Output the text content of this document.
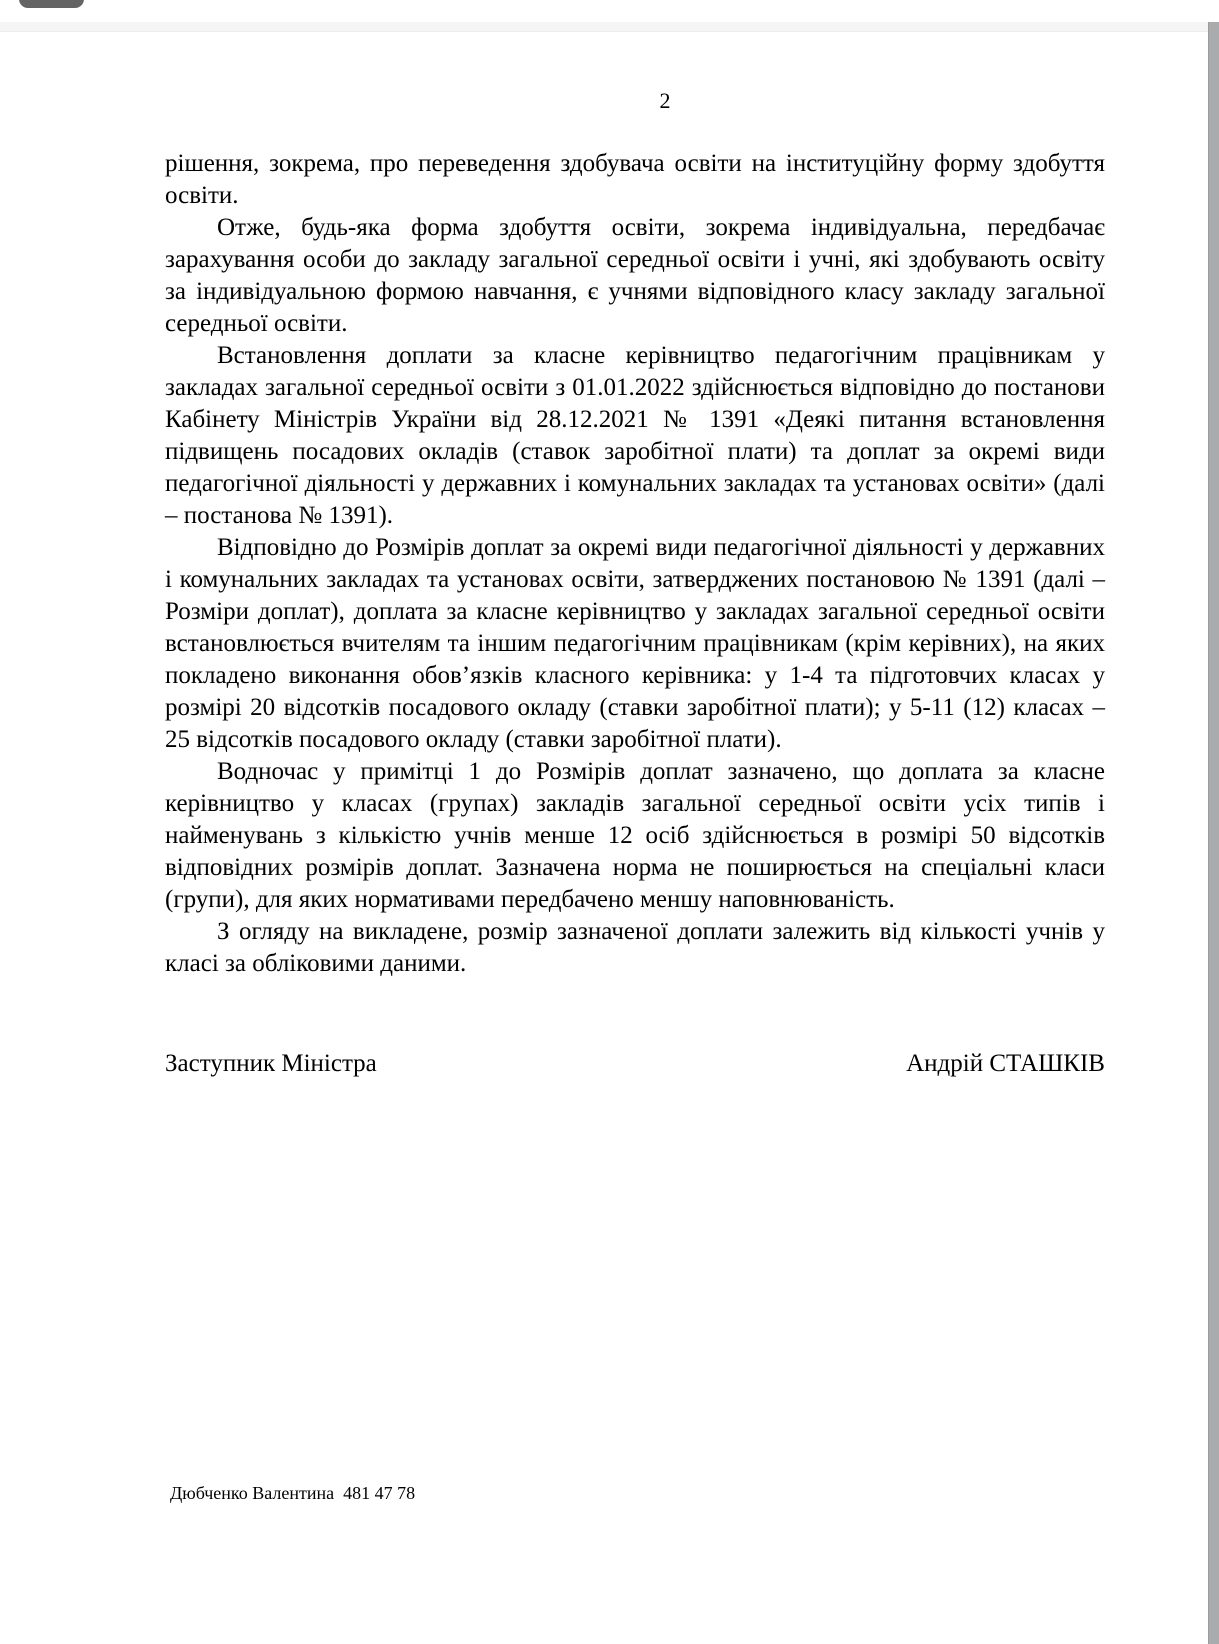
2

рішення, зокрема, про переведення здобувача освіти на інституційну форму здобуття освіти.

Отже, будь-яка форма здобуття освіти, зокрема індивідуальна, передбачає зарахування особи до закладу загальної середньої освіти і учні, які здобувають освіту за індивідуальною формою навчання, є учнями відповідного класу закладу загальної середньої освіти.

Встановлення доплати за класне керівництво педагогічним працівникам у закладах загальної середньої освіти з 01.01.2022 здійснюється відповідно до постанови Кабінету Міністрів України від 28.12.2021 № 1391 «Деякі питання встановлення підвищень посадових окладів (ставок заробітної плати) та доплат за окремі види педагогічної діяльності у державних і комунальних закладах та установах освіти» (далі – постанова № 1391).

Відповідно до Розмірів доплат за окремі види педагогічної діяльності у державних і комунальних закладах та установах освіти, затверджених постановою № 1391 (далі – Розміри доплат), доплата за класне керівництво у закладах загальної середньої освіти встановлюється вчителям та іншим педагогічним працівникам (крім керівних), на яких покладено виконання обов’язків класного керівника: у 1-4 та підготовчих класах у розмірі 20 відсотків посадового окладу (ставки заробітної плати); у 5-11 (12) класах – 25 відсотків посадового окладу (ставки заробітної плати).

Водночас у примітці 1 до Розмірів доплат зазначено, що доплата за класне керівництво у класах (групах) закладів загальної середньої освіти усіх типів і найменувань з кількістю учнів менше 12 осіб здійснюється в розмірі 50 відсотків відповідних розмірів доплат. Зазначена норма не поширюється на спеціальні класи (групи), для яких нормативами передбачено меншу наповнюваність.

З огляду на викладене, розмір зазначеної доплати залежить від кількості учнів у класі за обліковими даними.

Заступник Міністра	Андрій СТАШКІВ
Дюбченко Валентина  481 47 78
